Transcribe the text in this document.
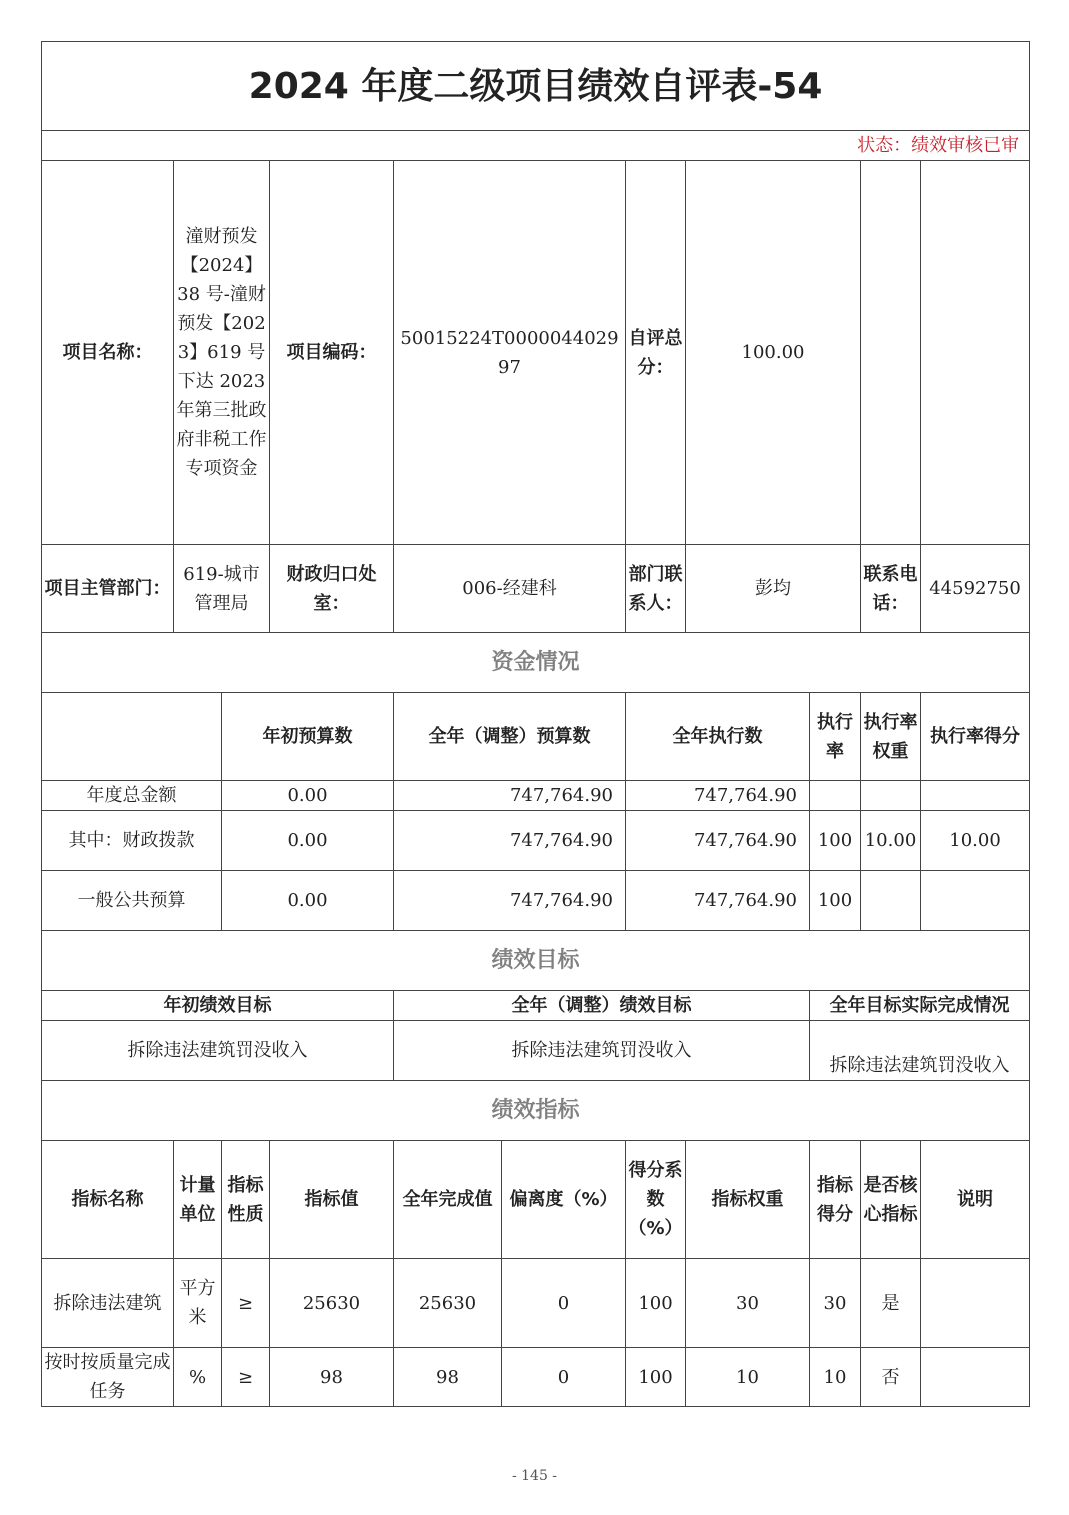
2024 年度二级项目绩效自评表-54										
状态：绩效审核已审										
项目名称：	潼财预发【2024】38 号-潼财预发【2023】619 号下达 2023 年第三批政府非税工作专项资金		项目编码：	50015224T000004402997		自评总分：	100.00			
项目主管部门：	619-城市管理局		财政归口处室：	006-经建科		部门联系人：	彭均		联系电话：	44592750
资金情况										
		年初预算数		全年（调整）预算数		全年执行数		执行率	执行率权重	执行率得分
年度总金额		0.00		747,764.90		747,764.90				
其中：财政拨款		0.00		747,764.90		747,764.90		100	10.00	10.00
一般公共预算		0.00		747,764.90		747,764.90		100		
绩效目标										
年初绩效目标				全年（调整）绩效目标				全年目标实际完成情况		
拆除违法建筑罚没收入				拆除违法建筑罚没收入				拆除违法建筑罚没收入		
绩效指标										
指标名称	计量单位	指标性质	指标值	全年完成值	偏离度（%）	得分系数（%）	指标权重	指标得分	是否核心指标	说明
拆除违法建筑	平方米	≥	25630	25630	0	100	30	30	是	
按时按质量完成任务	%	≥	98	98	0	100	10	10	否	
- 145 -
